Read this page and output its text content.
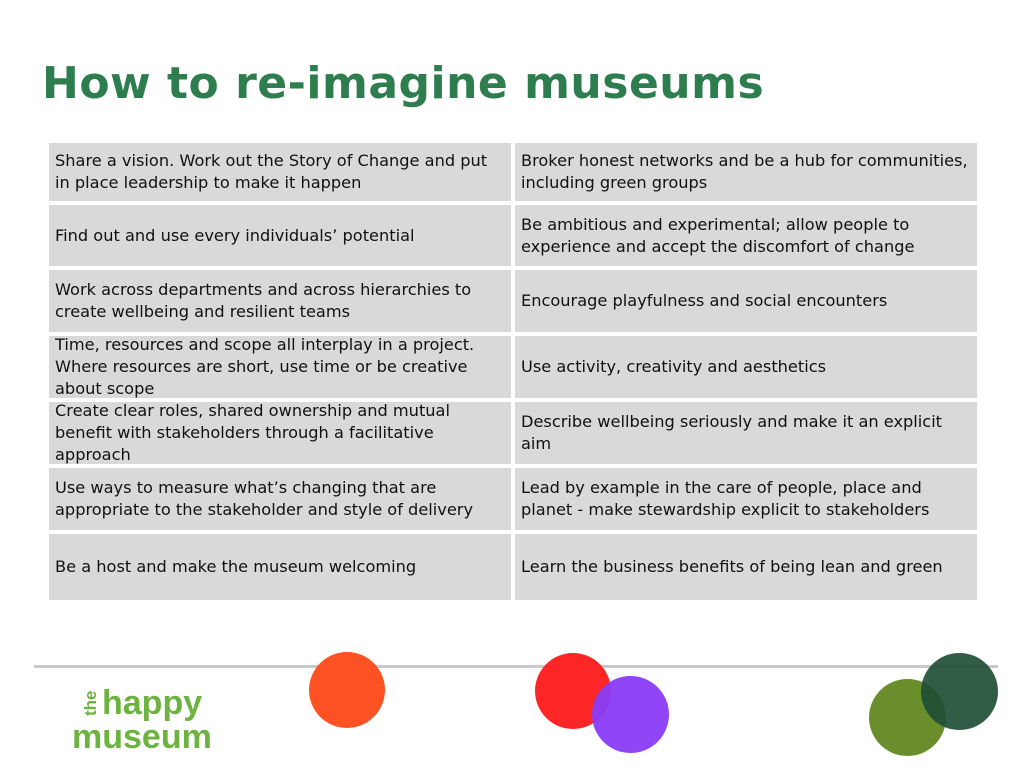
How to re-imagine museums
Share a vision. Work out the Story of Change and put in place leadership to make it happen
Broker honest networks and be a hub for communities, including green groups
Find out and use every individuals’ potential
Be ambitious and experimental; allow people to experience and accept the discomfort of change
Work across departments and across hierarchies to create wellbeing and resilient teams
Encourage playfulness and social encounters
Time, resources and scope all interplay in a project. Where resources are short, use time or be creative about scope
Use activity, creativity and aesthetics
Create clear roles, shared ownership and mutual benefit with stakeholders through a facilitative approach
Describe wellbeing seriously and make it an explicit aim
Use ways to measure what’s changing that are appropriate to the stakeholder and style of delivery
Lead by example in the care of people, place and planet - make stewardship explicit to stakeholders
Be a host and make the museum welcoming	Learn the business benefits of being lean and green
the happy
museum
